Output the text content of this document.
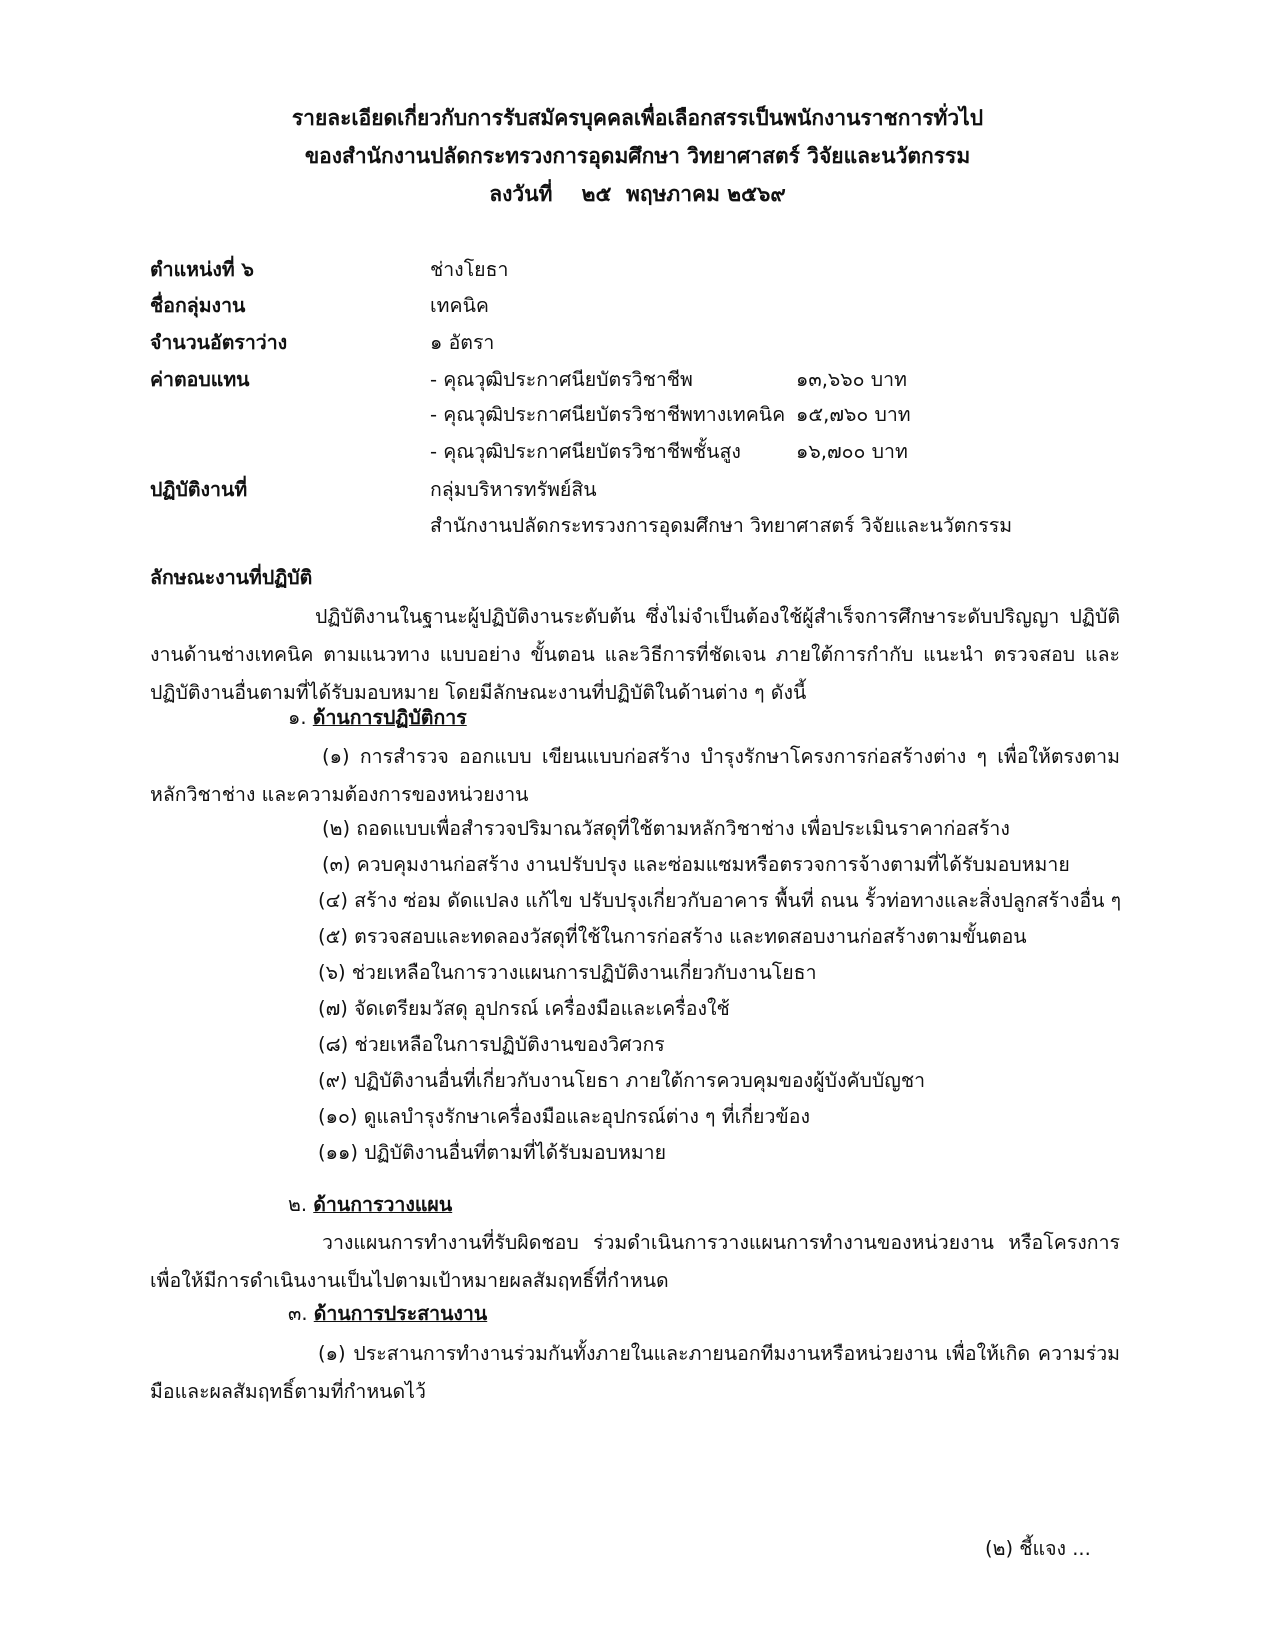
รายละเอียดเกี่ยวกับการรับสมัครบุคคลเพื่อเลือกสรรเป็นพนักงานราชการทั่วไป
ของสำนักงานปลัดกระทรวงการอุดมศึกษา วิทยาศาสตร์ วิจัยและนวัตกรรม
ลงวันที่    ๒๕  พฤษภาคม ๒๕๖๙
ตำแหน่งที่ ๖	ช่างโยธา
ชื่อกลุ่มงาน	เทคนิค
จำนวนอัตราว่าง	๑ อัตรา
ค่าตอบแทน	- คุณวุฒิประกาศนียบัตรวิชาชีพ	๑๓,๖๖๐ บาท
- คุณวุฒิประกาศนียบัตรวิชาชีพทางเทคนิค ๑๕,๗๖๐ บาท
- คุณวุฒิประกาศนียบัตรวิชาชีพชั้นสูง	๑๖,๗๐๐ บาท
ปฏิบัติงานที่	กลุ่มบริหารทรัพย์สิน
สำนักงานปลัดกระทรวงการอุดมศึกษา วิทยาศาสตร์ วิจัยและนวัตกรรม
ลักษณะงานที่ปฏิบัติ
ปฏิบัติงานในฐานะผู้ปฏิบัติงานระดับต้น ซึ่งไม่จำเป็นต้องใช้ผู้สำเร็จการศึกษาระดับปริญญา ปฏิบัติงานด้านช่างเทคนิค ตามแนวทาง แบบอย่าง ขั้นตอน และวิธีการที่ชัดเจน ภายใต้การกำกับ แนะนำ ตรวจสอบ และปฏิบัติงานอื่นตามที่ได้รับมอบหมาย โดยมีลักษณะงานที่ปฏิบัติในด้านต่าง ๆ ดังนี้
๑. ด้านการปฏิบัติการ
(๑) การสำรวจ ออกแบบ เขียนแบบก่อสร้าง บำรุงรักษาโครงการก่อสร้างต่าง ๆ เพื่อให้ตรงตามหลักวิชาช่าง และความต้องการของหน่วยงาน
(๒) ถอดแบบเพื่อสำรวจปริมาณวัสดุที่ใช้ตามหลักวิชาช่าง เพื่อประเมินราคาก่อสร้าง
(๓) ควบคุมงานก่อสร้าง งานปรับปรุง และซ่อมแซมหรือตรวจการจ้างตามที่ได้รับมอบหมาย
(๔) สร้าง ซ่อม ดัดแปลง แก้ไข ปรับปรุงเกี่ยวกับอาคาร พื้นที่ ถนน รั้วท่อทางและสิ่งปลูกสร้างอื่น ๆ
(๕) ตรวจสอบและทดลองวัสดุที่ใช้ในการก่อสร้าง และทดสอบงานก่อสร้างตามขั้นตอน
(๖) ช่วยเหลือในการวางแผนการปฏิบัติงานเกี่ยวกับงานโยธา
(๗) จัดเตรียมวัสดุ อุปกรณ์ เครื่องมือและเครื่องใช้
(๘) ช่วยเหลือในการปฏิบัติงานของวิศวกร
(๙) ปฏิบัติงานอื่นที่เกี่ยวกับงานโยธา ภายใต้การควบคุมของผู้บังคับบัญชา
(๑๐) ดูแลบำรุงรักษาเครื่องมือและอุปกรณ์ต่าง ๆ ที่เกี่ยวข้อง
(๑๑) ปฏิบัติงานอื่นที่ตามที่ได้รับมอบหมาย
๒. ด้านการวางแผน
วางแผนการทำงานที่รับผิดชอบ ร่วมดำเนินการวางแผนการทำงานของหน่วยงาน หรือโครงการ เพื่อให้มีการดำเนินงานเป็นไปตามเป้าหมายผลสัมฤทธิ์ที่กำหนด
๓. ด้านการประสานงาน
(๑) ประสานการทำงานร่วมกันทั้งภายในและภายนอกทีมงานหรือหน่วยงาน เพื่อให้เกิด ความร่วมมือและผลสัมฤทธิ์ตามที่กำหนดไว้
(๒) ชี้แจง ...
